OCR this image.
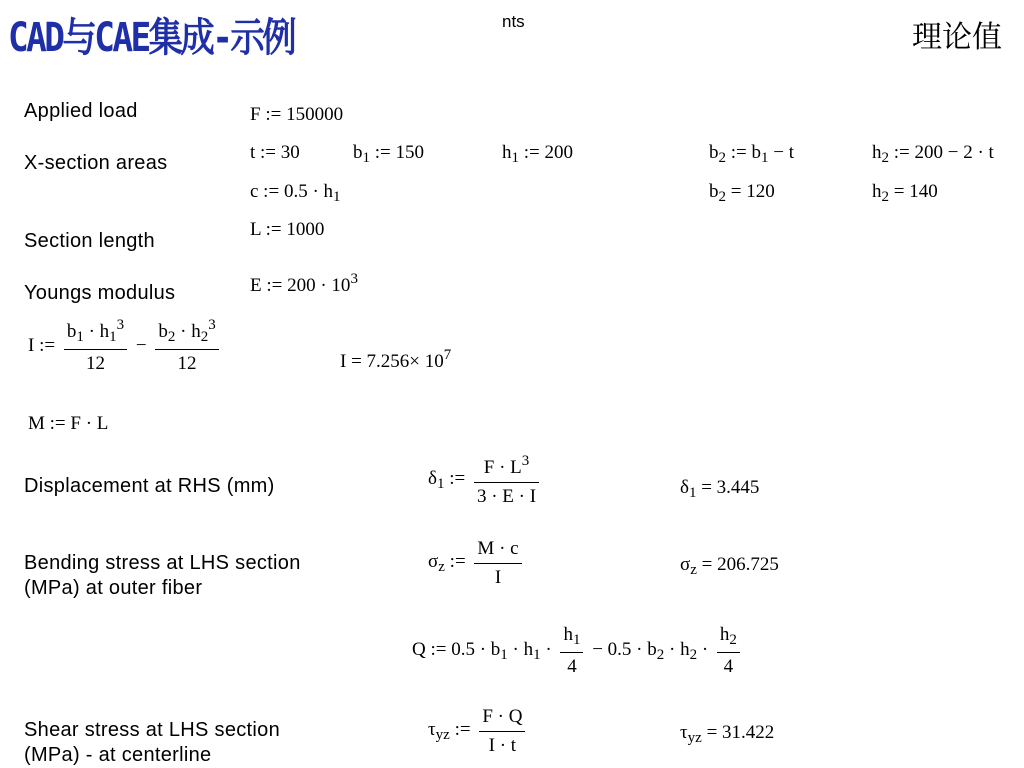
CAD与CAE集成-示例	nts	理论值
Applied load
X-section areas
Section length
Youngs modulus
Displacement at RHS (mm)
Bending stress at LHS section
(MPa) at outer fiber
Shear stress at LHS section
(MPa) - at centerline
F := 150000
t := 30	$b_1$ := 150	$h_1$ := 200	$b_2$ := $b_1 - t$	$h_2$ := 200 − 2 · t
c := $0.5 \cdot h_1$	$b_2 = 120$	$h_2 = 140$
L := 1000
E := $200 \cdot 10^3$
I := $\frac{b_1 \cdot h_1^3}{12} - \frac{b_2 \cdot h_2^3}{12}$	$I = 7.256\times 10^7$
M := F · L
$\delta_1$ := $\frac{F \cdot L^3}{3 \cdot E \cdot I}$	$\delta_1 = 3.445$
$\sigma_z$ := $\frac{M \cdot c}{I}$	$\sigma_z = 206.725$
Q := $0.5 \cdot b_1 \cdot h_1 \cdot \frac{h_1}{4} - 0.5 \cdot b_2 \cdot h_2 \cdot \frac{h_2}{4}$
$\tau_{yz}$ := $\frac{F \cdot Q}{I \cdot t}$	$\tau_{yz} = 31.422$
